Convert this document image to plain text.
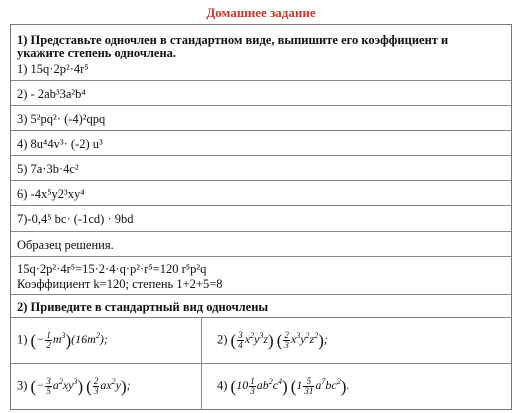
Домашнее задание
1) Представьте одночлен в стандартном виде, выпишите его коэффициент и
укажите степень одночлена.
1) 15q·2p²·4r⁵
2) - 2ab³3a²b⁴
3) 5²pq²· (-4)²qpq
4) 8u⁴4v³· (-2) u³
5) 7a·3b·4c²
6) -4x⁵y2³xy⁴
7)-0,4⁵ bc· (-1cd) · 9bd
Образец решения.
15q·2p²·4r⁵=15·2·4·q·p²·r⁵=120 r⁵p²q
Коэффициент k=120; степень 1+2+5=8
2) Приведите в стандартный вид одночлены
1) (− $\frac{1}{2} m^3)(16m^2)$;	2) ( $\frac{3}{4} x^2y^3z$) ( $\frac{2}{3} x^3y^2z^2$);
3) (− $\frac{3}{5} a^2xy^3$) ( $\frac{2}{3} ax^2y$);	4) $(10 \frac{1}{3} ab^2c^4)$ $(1 \frac{5}{31} a^7bc^2)$.
